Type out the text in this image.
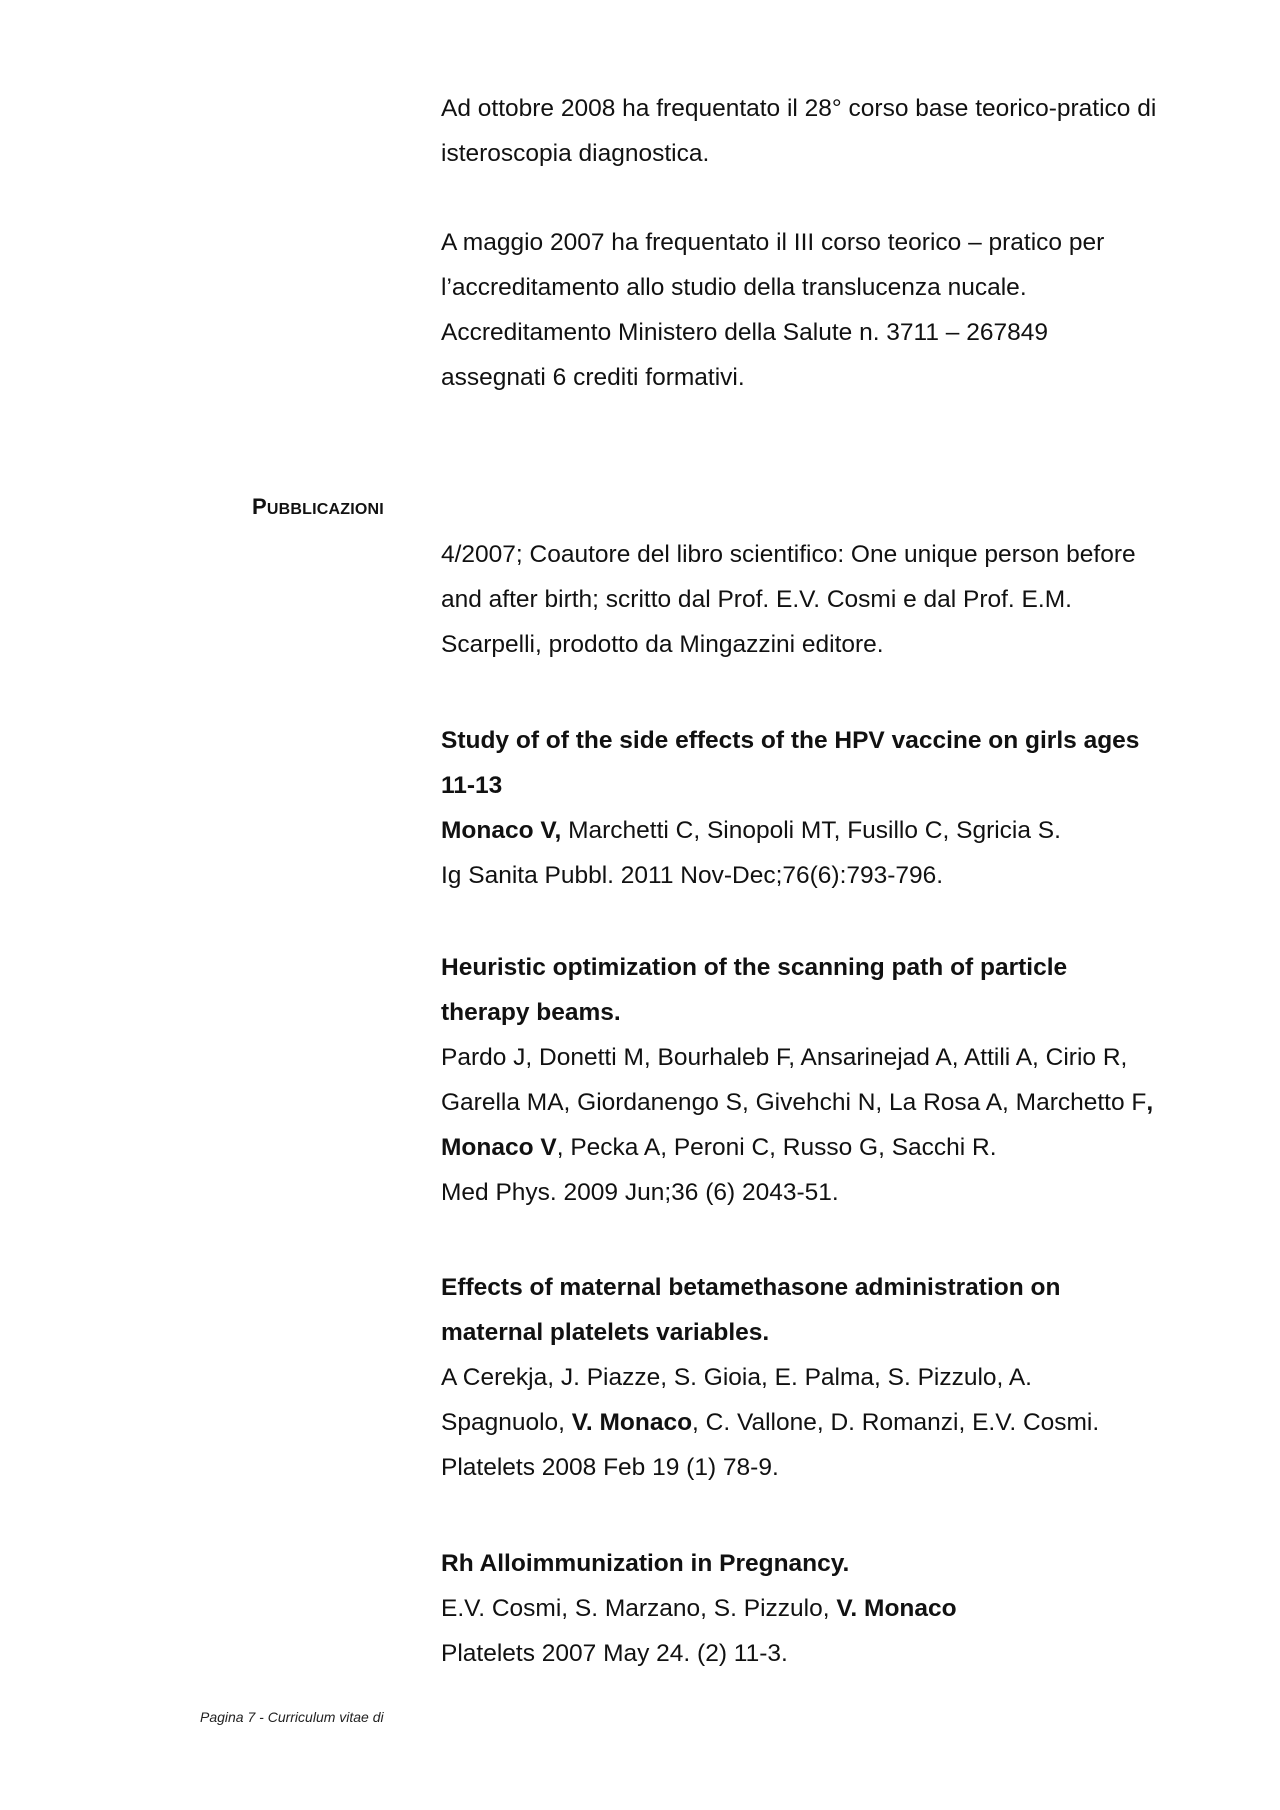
Ad ottobre 2008 ha frequentato il 28° corso base teorico-pratico di
isteroscopia diagnostica.
A maggio 2007 ha frequentato il III corso teorico – pratico per
l’accreditamento allo studio della translucenza nucale.
Accreditamento Ministero della Salute n. 3711 – 267849
assegnati 6 crediti formativi.
PUBBLICAZIONI
4/2007; Coautore del libro scientifico: One unique person before
and after birth; scritto dal Prof. E.V. Cosmi e dal Prof. E.M.
Scarpelli, prodotto da Mingazzini editore.
Study of of the side effects of the HPV vaccine on girls ages
11-13
Monaco V, Marchetti C, Sinopoli MT, Fusillo C, Sgricia S.
Ig Sanita Pubbl. 2011 Nov-Dec;76(6):793-796.
Heuristic optimization of the scanning path of particle
therapy beams.
Pardo J, Donetti M, Bourhaleb F, Ansarinejad A, Attili A, Cirio R,
Garella MA, Giordanengo S, Givehchi N, La Rosa A, Marchetto F,
Monaco V, Pecka A, Peroni C, Russo G, Sacchi R.
Med Phys. 2009 Jun;36 (6) 2043-51.
Effects of maternal betamethasone administration on
maternal platelets variables.
A Cerekja, J. Piazze, S. Gioia, E. Palma, S. Pizzulo, A.
Spagnuolo, V. Monaco, C. Vallone, D. Romanzi, E.V. Cosmi.
Platelets 2008 Feb 19 (1) 78-9.
Rh Alloimmunization in Pregnancy.
E.V. Cosmi, S. Marzano, S. Pizzulo, V. Monaco
Platelets 2007 May 24. (2) 11-3.
Pagina 7 - Curriculum vitae di
